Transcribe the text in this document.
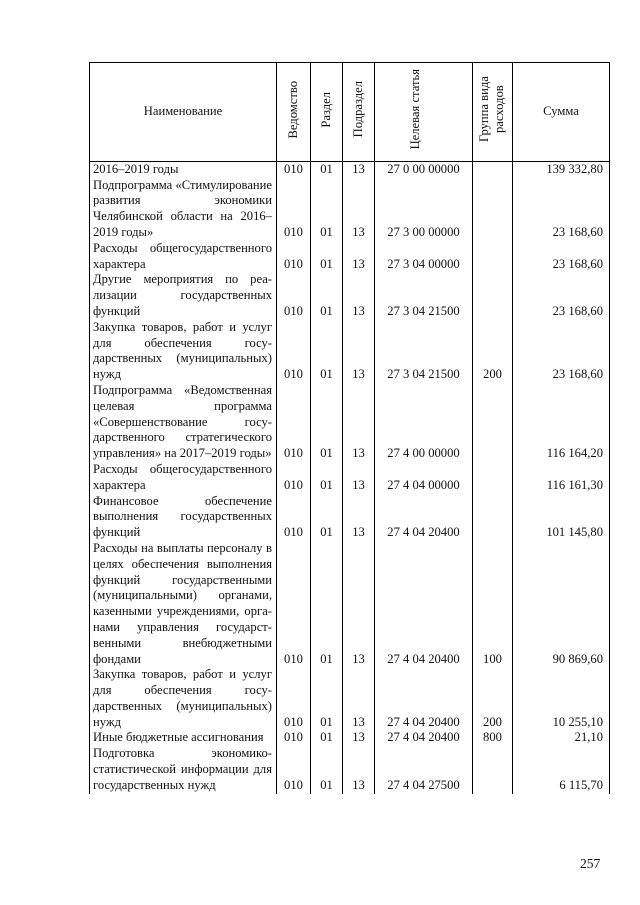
Наименование	Ведомство	Раздел	Подраздел	Целевая статья	Группа вида расходов	Сумма
2016–2019 годы	010	01	13	27 0 00 00000		139 332,80
Подпрограмма «Стимулирование развития экономики Челябинской области на 2016–2019 годы»	010	01	13	27 3 00 00000		23 168,60
Расходы общегосударственного характера	010	01	13	27 3 04 00000		23 168,60
Другие мероприятия по реализации государственных функций	010	01	13	27 3 04 21500		23 168,60
Закупка товаров, работ и услуг для обеспечения государственных (муниципальных) нужд	010	01	13	27 3 04 21500	200	23 168,60
Подпрограмма «Ведомственная целевая программа «Совершенствование государственного стратегического управления» на 2017–2019 годы»	010	01	13	27 4 00 00000		116 164,20
Расходы общегосударственного характера	010	01	13	27 4 04 00000		116 161,30
Финансовое обеспечение выполнения государственных функций	010	01	13	27 4 04 20400		101 145,80
Расходы на выплаты персоналу в целях обеспечения выполнения функций государственными (муниципальными) органами, казенными учреждениями, органами управления государственными внебюджетными фондами	010	01	13	27 4 04 20400	100	90 869,60
Закупка товаров, работ и услуг для обеспечения государственных (муниципальных) нужд	010	01	13	27 4 04 20400	200	10 255,10
Иные бюджетные ассигнования	010	01	13	27 4 04 20400	800	21,10
Подготовка экономико-статистической информации для государственных нужд	010	01	13	27 4 04 27500		6 115,70
257
